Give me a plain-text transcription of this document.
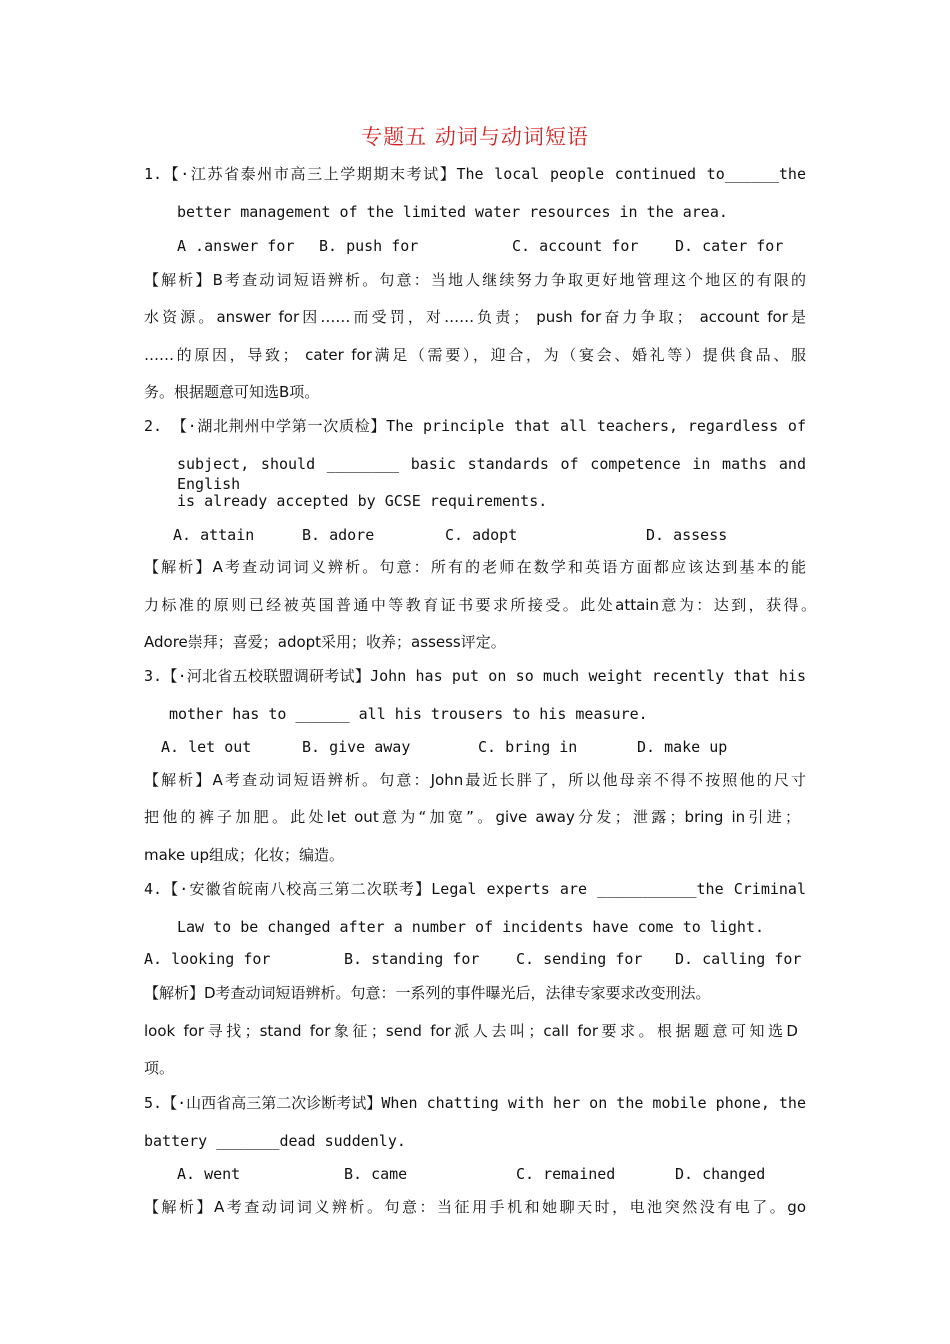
专题五 动词与动词短语
1.【·江苏省泰州市高三上学期期末考试】The local people continued to______the
better management of the limited water resources in the area.
A .answer for B. push for	C. account for D. cater for
【解析】B考查动词短语辨析。句意：当地人继续努力争取更好地管理这个地区的有限的
水资源。answer for因……而受罚，对……负责； push for奋力争取； account for是
……的原因，导致； cater for满足（需要），迎合，为（宴会、婚礼等）提供食品、服
务。根据题意可知选B项。
2. 【·湖北荆州中学第一次质检】The principle that all teachers, regardless of
subject, should ________ basic standards of competence in maths and English
is already accepted by GCSE requirements.
A. attain	B. adore	C. adopt	D. assess
【解析】A考查动词词义辨析。句意：所有的老师在数学和英语方面都应该达到基本的能
力标准的原则已经被英国普通中等教育证书要求所接受。此处attain意为：达到，获得。
Adore崇拜；喜爱；adopt采用；收养；assess评定。
3.【·河北省五校联盟调研考试】John has put on so much weight recently that his
mother has to ______ all his trousers to his measure.
A. let out	B. give away	C. bring in	D. make up
【解析】A考查动词短语辨析。句意：John最近长胖了，所以他母亲不得不按照他的尺寸
把他的裤子加肥。此处let out意为“加宽”。give away分发；泄露；bring in引进；
make up组成；化妆；编造。
4.【·安徽省皖南八校高三第二次联考】Legal experts are ___________the Criminal
Law to be changed after a number of incidents have come to light.
A. looking for	B. standing for C. sending for D. calling for
【解析】D考查动词短语辨析。句意：一系列的事件曝光后，法律专家要求改变刑法。
look for寻找；stand for象征；send for派人去叫；call for要求。根据题意可知选D
项。
5.【·山西省高三第二次诊断考试】When chatting with her on the mobile phone, the
battery _______dead suddenly.
A. went	B. came	C. remained	D. changed
【解析】A考查动词词义辨析。句意：当征用手机和她聊天时，电池突然没有电了。go
